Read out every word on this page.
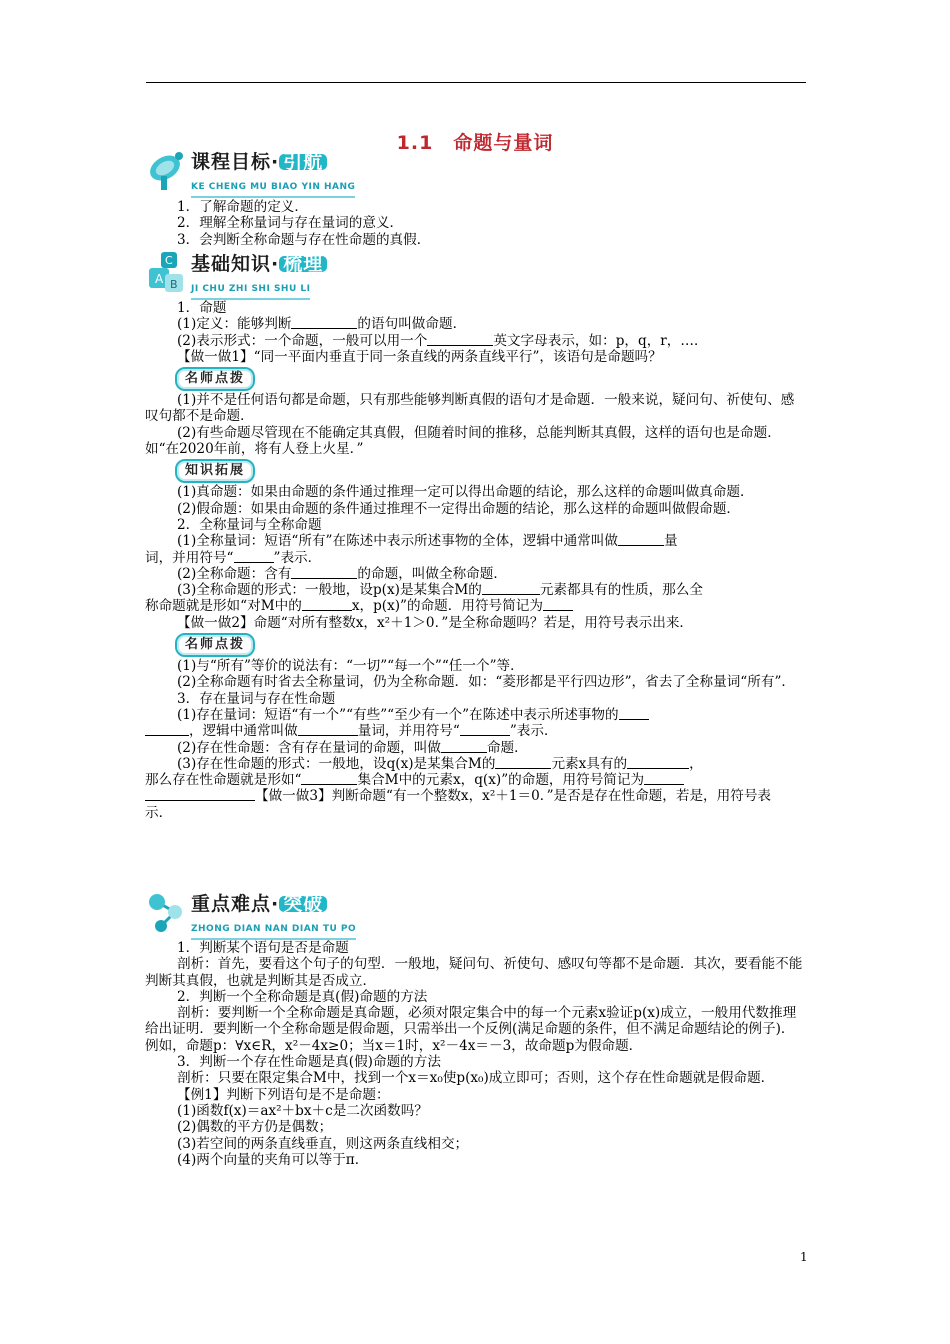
1.1　命题与量词
课程目标· 引航
KE CHENG MU BIAO YIN HANG
1．了解命题的定义．
2．理解全称量词与存在量词的意义．
3．会判断全称命题与存在性命题的真假．
A B
C 基础知识· 梳理
JI CHU ZHI SHI SHU LI
1．命题
(1)定义：能够判断	的语句叫做命题．
(2)表示形式：一个命题，一般可以用一个	英文字母表示，如：p，q，r，…．
【做一做1】“同一平面内垂直于同一条直线的两条直线平行”，该语句是命题吗？
名师点拨
(1)并不是任何语句都是命题，只有那些能够判断真假的语句才是命题．一般来说，疑问句、祈使句、感叹句都不是命题．
(2)有些命题尽管现在不能确定其真假，但随着时间的推移，总能判断其真假，这样的语句也是命题．如“在2020年前，将有人登上火星．”
知识拓展
(1)真命题：如果由命题的条件通过推理一定可以得出命题的结论，那么这样的命题叫做真命题．
(2)假命题：如果由命题的条件通过推理不一定得出命题的结论，那么这样的命题叫做假命题．
2．全称量词与全称命题
(1)全称量词：短语“所有”在陈述中表示所述事物的全体，逻辑中通常叫做	量
词，并用符号“	”表示．
(2)全称命题：含有	的命题，叫做全称命题．
(3)全称命题的形式：一般地，设p(x)是某集合M的	元素都具有的性质，那么全
称命题就是形如“对M中的	x，p(x)”的命题．用符号简记为
【做一做2】命题“对所有整数x，x²＋1＞0．”是全称命题吗？若是，用符号表示出来．
名师点拨
(1)与“所有”等价的说法有：“一切”“每一个”“任一个”等．
(2)全称命题有时省去全称量词，仍为全称命题．如：“菱形都是平行四边形”，省去了全称量词“所有”．
3．存在量词与存在性命题
(1)存在量词：短语“有一个”“有些”“至少有一个”在陈述中表示所述事物的
，逻辑中通常叫做	量词，并用符号“	”表示．
(2)存在性命题：含有存在量词的命题，叫做	命题．
(3)存在性命题的形式：一般地，设q(x)是某集合M的	元素x具有的	，
那么存在性命题就是形如“	集合M中的元素x，q(x)”的命题，用符号简记为
【做一做3】判断命题“有一个整数x，x²＋1＝0．”是否是存在性命题，若是，用符号表
示．
重点难点· 突破
ZHONG DIAN NAN DIAN TU PO
1．判断某个语句是否是命题
剖析：首先，要看这个句子的句型．一般地，疑问句、祈使句、感叹句等都不是命题．其次，要看能不能判断其真假，也就是判断其是否成立．
2．判断一个全称命题是真(假)命题的方法
剖析：要判断一个全称命题是真命题，必须对限定集合中的每一个元素x验证p(x)成立，一般用代数推理给出证明．要判断一个全称命题是假命题，只需举出一个反例(满足命题的条件，但不满足命题结论的例子)．例如，命题p：∀x∈R，x²－4x≥0；当x＝1时，x²－4x＝－3，故命题p为假命题．
3．判断一个存在性命题是真(假)命题的方法
剖析：只要在限定集合M中，找到一个x＝x₀使p(x₀)成立即可；否则，这个存在性命题就是假命题．
【例1】判断下列语句是不是命题：
(1)函数f(x)＝ax²＋bx＋c是二次函数吗？
(2)偶数的平方仍是偶数；
(3)若空间的两条直线垂直，则这两条直线相交；
(4)两个向量的夹角可以等于π．
1
